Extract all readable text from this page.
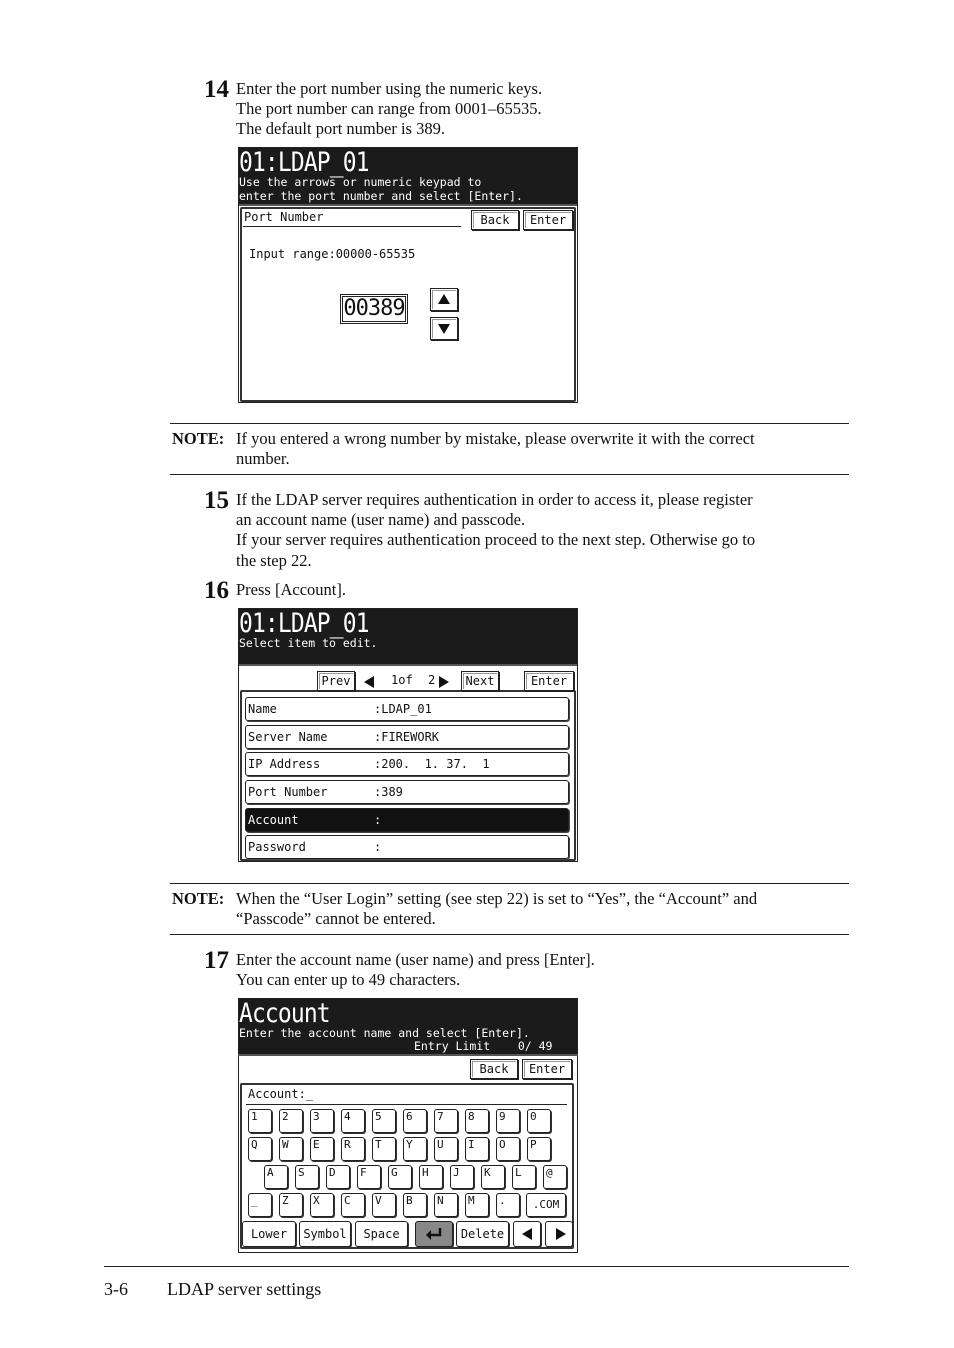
14 Enter the port number using the numeric keys.
The port number can range from 0001–65535.
The default port number is 389.
01:LDAP_01
Use the arrows or numeric keypad to
enter the port number and select [Enter].
Port Number	Back	Enter
Input range:00000-65535
00389
NOTE: If you entered a wrong number by mistake, please overwrite it with the correct
number.
15 If the LDAP server requires authentication in order to access it, please register
an account name (user name) and passcode.
If your server requires authentication proceed to the next step. Otherwise go to
the step 22.
16 Press [Account].
01:LDAP_01
Select item to edit.
Prev	1of 2	Next	Enter
Name	:LDAP_01
Server Name	:FIREWORK
IP Address	:200.  1. 37.  1
Port Number	:389
Account	:
Password	:
NOTE: When the “User Login” setting (see step 22) is set to “Yes”, the “Account” and
“Passcode” cannot be entered.
17 Enter the account name (user name) and press [Enter].
You can enter up to 49 characters.
Account
Enter the account name and select [Enter].
Entry Limit    0/ 49
Back	Enter
Account:_
1	2	3	4	5	6	7	8	9	0
Q	W	E	R	T	Y	U	I	O	P
A	S	D	F	G	H	J	K	L	@
_	Z	X	C	V	B	N	M	.	.COM
Lower	Symbol	Space	Delete
3-6 LDAP server settings
